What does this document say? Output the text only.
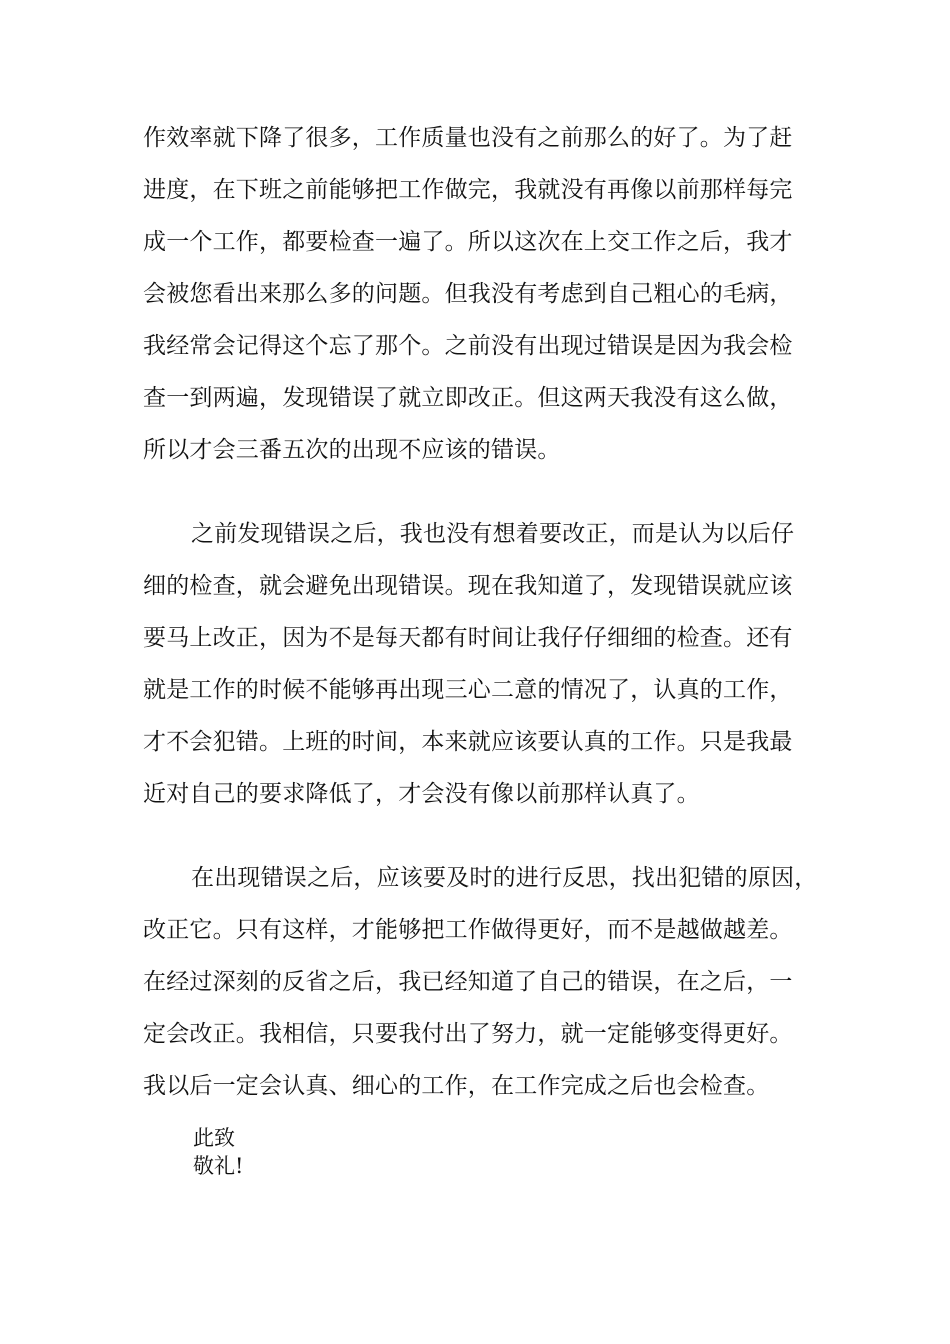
作效率就下降了很多，工作质量也没有之前那么的好了。为了赶
进度，在下班之前能够把工作做完，我就没有再像以前那样每完
成一个工作，都要检查一遍了。所以这次在上交工作之后，我才
会被您看出来那么多的问题。但我没有考虑到自己粗心的毛病，
我经常会记得这个忘了那个。之前没有出现过错误是因为我会检
查一到两遍，发现错误了就立即改正。但这两天我没有这么做，
所以才会三番五次的出现不应该的错误。
之前发现错误之后，我也没有想着要改正，而是认为以后仔
细的检查，就会避免出现错误。现在我知道了，发现错误就应该
要马上改正，因为不是每天都有时间让我仔仔细细的检查。还有
就是工作的时候不能够再出现三心二意的情况了，认真的工作，
才不会犯错。上班的时间，本来就应该要认真的工作。只是我最
近对自己的要求降低了，才会没有像以前那样认真了。
在出现错误之后，应该要及时的进行反思，找出犯错的原因，
改正它。只有这样，才能够把工作做得更好，而不是越做越差。
在经过深刻的反省之后，我已经知道了自己的错误，在之后，一
定会改正。我相信，只要我付出了努力，就一定能够变得更好。
我以后一定会认真、细心的工作，在工作完成之后也会检查。
此致
敬礼!
